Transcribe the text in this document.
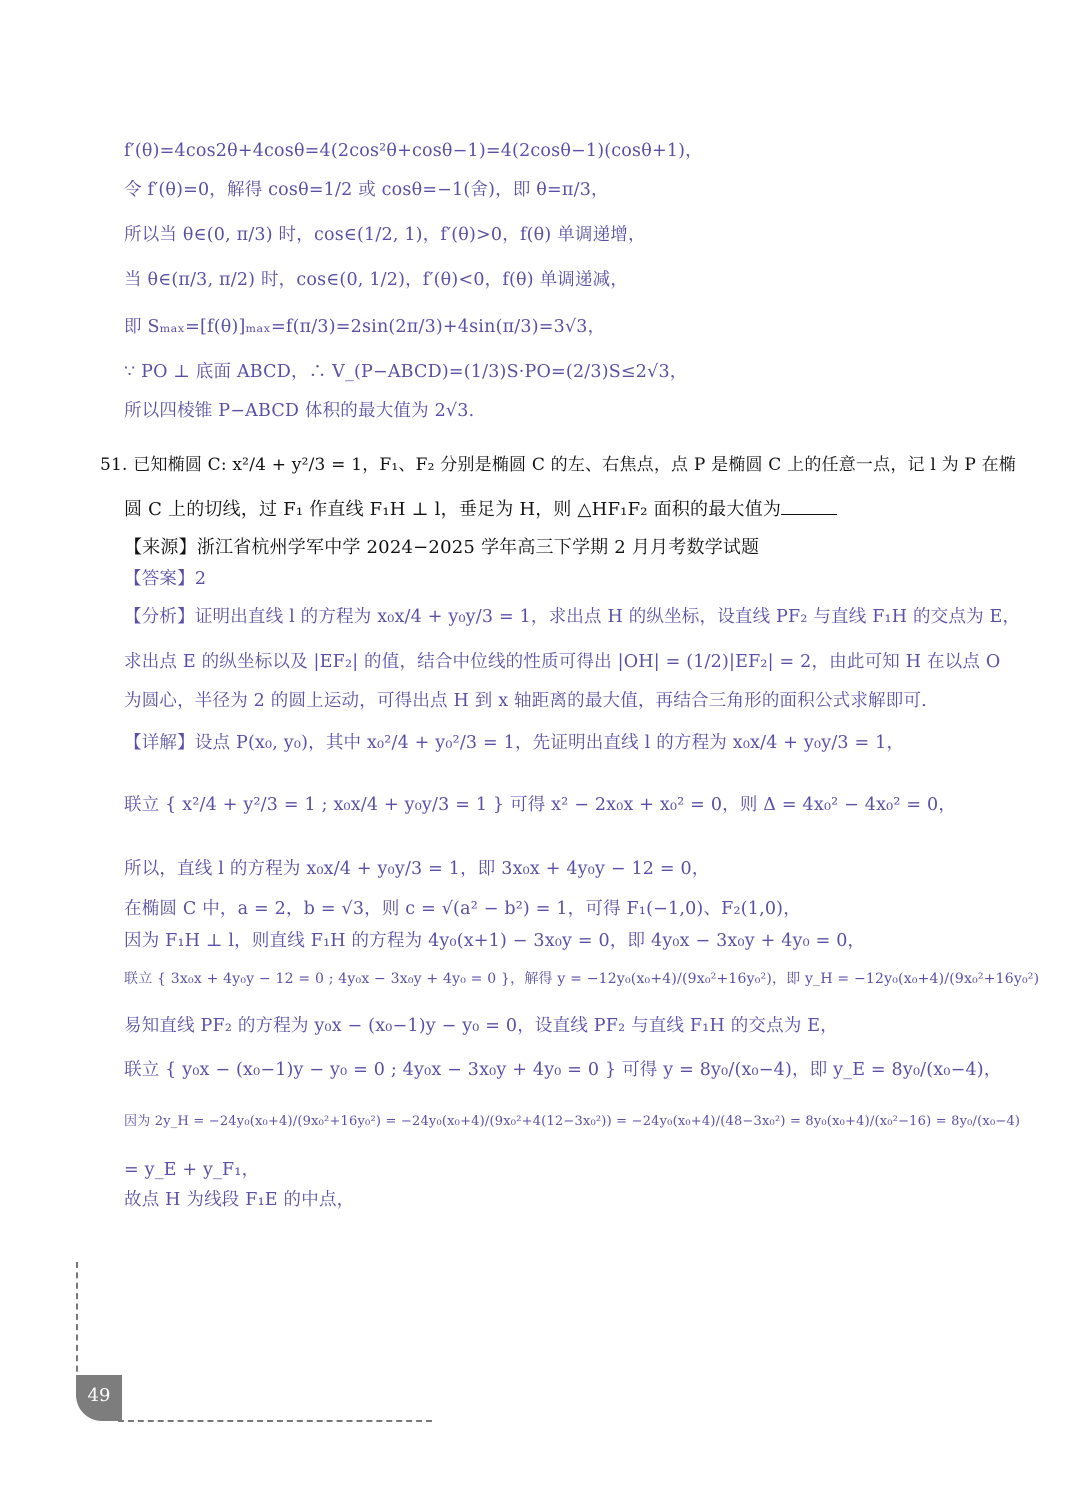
f′(θ)=4cos2θ+4cosθ=4(2cos²θ+cosθ−1)=4(2cosθ−1)(cosθ+1)，
令 f′(θ)=0，解得 cosθ=1/2 或 cosθ=−1(舍)，即 θ=π/3，
所以当 θ∈(0, π/3) 时，cos∈(1/2, 1)，f′(θ)>0，f(θ) 单调递增，
当 θ∈(π/3, π/2) 时，cos∈(0, 1/2)，f′(θ)<0，f(θ) 单调递减，
即 Sₘₐₓ=[f(θ)]ₘₐₓ=f(π/3)=2sin(2π/3)+4sin(π/3)=3√3，
∵ PO ⊥ 底面 ABCD，∴ V_(P−ABCD)=(1/3)S·PO=(2/3)S≤2√3，
所以四棱锥 P−ABCD 体积的最大值为 2√3.
51. 已知椭圆 C: x²/4 + y²/3 = 1，F₁、F₂ 分别是椭圆 C 的左、右焦点，点 P 是椭圆 C 上的任意一点，记 l 为 P 在椭
圆 C 上的切线，过 F₁ 作直线 F₁H ⊥ l，垂足为 H，则 △HF₁F₂ 面积的最大值为
【来源】浙江省杭州学军中学 2024−2025 学年高三下学期 2 月月考数学试题
【答案】2
【分析】证明出直线 l 的方程为 x₀x/4 + y₀y/3 = 1，求出点 H 的纵坐标，设直线 PF₂ 与直线 F₁H 的交点为 E，
求出点 E 的纵坐标以及 |EF₂| 的值，结合中位线的性质可得出 |OH| = (1/2)|EF₂| = 2，由此可知 H 在以点 O
为圆心，半径为 2 的圆上运动，可得出点 H 到 x 轴距离的最大值，再结合三角形的面积公式求解即可.
【详解】设点 P(x₀, y₀)，其中 x₀²/4 + y₀²/3 = 1，先证明出直线 l 的方程为 x₀x/4 + y₀y/3 = 1，
联立 { x²/4 + y²/3 = 1 ; x₀x/4 + y₀y/3 = 1 } 可得 x² − 2x₀x + x₀² = 0，则 Δ = 4x₀² − 4x₀² = 0，
所以，直线 l 的方程为 x₀x/4 + y₀y/3 = 1，即 3x₀x + 4y₀y − 12 = 0，
在椭圆 C 中，a = 2，b = √3，则 c = √(a² − b²) = 1，可得 F₁(−1,0)、F₂(1,0)，
因为 F₁H ⊥ l，则直线 F₁H 的方程为 4y₀(x+1) − 3x₀y = 0，即 4y₀x − 3x₀y + 4y₀ = 0，
联立 { 3x₀x + 4y₀y − 12 = 0 ; 4y₀x − 3x₀y + 4y₀ = 0 }，解得 y = −12y₀(x₀+4)/(9x₀²+16y₀²)，即 y_H = −12y₀(x₀+4)/(9x₀²+16y₀²)
易知直线 PF₂ 的方程为 y₀x − (x₀−1)y − y₀ = 0，设直线 PF₂ 与直线 F₁H 的交点为 E，
联立 { y₀x − (x₀−1)y − y₀ = 0 ; 4y₀x − 3x₀y + 4y₀ = 0 } 可得 y = 8y₀/(x₀−4)，即 y_E = 8y₀/(x₀−4)，
因为 2y_H = −24y₀(x₀+4)/(9x₀²+16y₀²) = −24y₀(x₀+4)/(9x₀²+4(12−3x₀²)) = −24y₀(x₀+4)/(48−3x₀²) = 8y₀(x₀+4)/(x₀²−16) = 8y₀/(x₀−4)
= y_E + y_F₁，
故点 H 为线段 F₁E 的中点，
49
